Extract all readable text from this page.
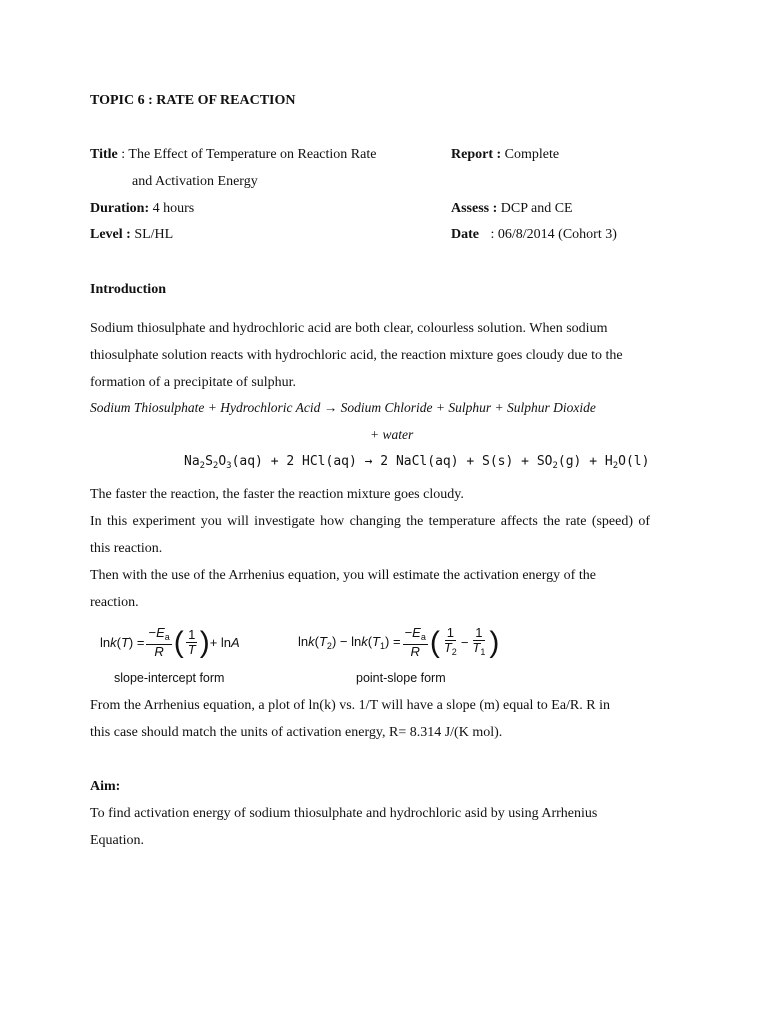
TOPIC 6 : RATE OF REACTION
Title : The Effect of Temperature on Reaction Rate
and Activation Energy
Report : Complete
Duration: 4 hours	Assess : DCP and CE
Level : SL/HL	Date : 06/8/2014 (Cohort 3)
Introduction
Sodium thiosulphate and hydrochloric acid are both clear, colourless solution. When sodium
thiosulphate solution reacts with hydrochloric acid, the reaction mixture goes cloudy due to the
formation of a precipitate of sulphur.
Sodium Thiosulphate + Hydrochloric Acid → Sodium Chloride + Sulphur + Sulphur Dioxide
+ water
$Na_2S_2O_3(aq) + 2$ HCl(aq) → 2 NaCl(aq) + $S(s) + SO_2(g) + H_2O(l)$
The faster the reaction, the faster the reaction mixture goes cloudy.
In this experiment you will investigate how changing the temperature affects the rate (speed) of
this reaction.
Then with the use of the Arrhenius equation, you will estimate the activation energy of the
reaction.
$\ln k(T) = \frac{-E_a}{R}$ ( $\frac{1}{T}$ ) + lnA
slope-intercept form
$\ln k(T_2) - \ln k(T_1) = \frac{-E_a}{R}$ ( $\frac{1}{T_2} - \frac{1}{T_1}$ )
point-slope form
From the Arrhenius equation, a plot of ln(k) vs. 1/T will have a slope (m) equal to Ea/R. R in
this case should match the units of activation energy, R= 8.314 J/(K mol).
Aim:
To find activation energy of sodium thiosulphate and hydrochloric asid by using Arrhenius
Equation.
